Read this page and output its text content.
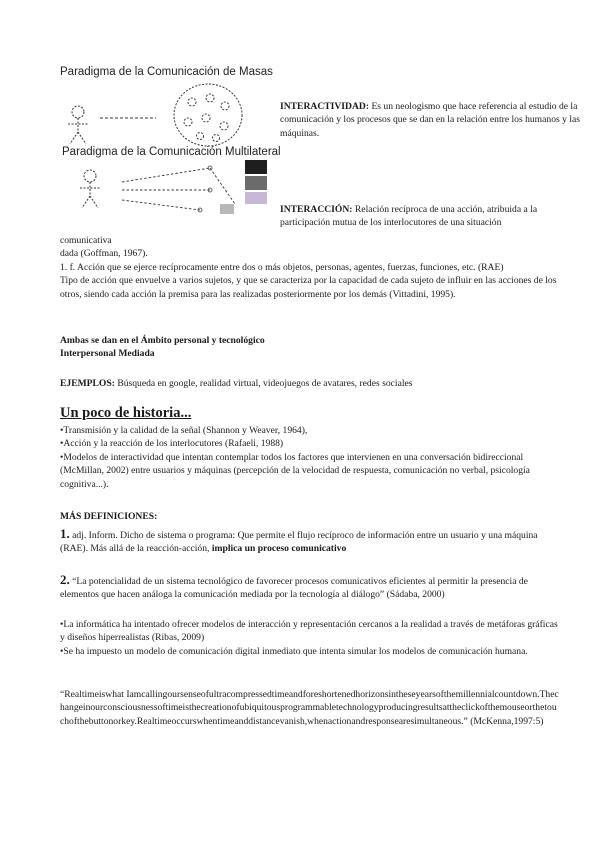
Paradigma de la Comunicación de Masas
Paradigma de la Comunicación Multilateral
INTERACTIVIDAD: Es un neologismo que hace referencia al estudio de la comunicación y los procesos que se dan en la relación entre los humanos y las máquinas.
INTERACCIÓN: Relación recíproca de una acción, atribuida a la participación mutua de los interlocutores de una situación
comunicativa
dada (Goffman, 1967).
1. f. Acción que se ejerce recíprocamente entre dos o más objetos, personas, agentes, fuerzas, funciones, etc. (RAE)
Tipo de acción que envuelve a varios sujetos, y que se caracteriza por la capacidad de cada sujeto de influir en las acciones de los otros, siendo cada acción la premisa para las realizadas posteriormente por los demás (Vittadini, 1995).
Ambas se dan en el Ámbito personal y tecnológico
Interpersonal Mediada
EJEMPLOS: Búsqueda en google, realidad virtual, videojuegos de avatares, redes sociales
Un poco de historia...
•Transmisión y la calidad de la señal (Shannon y Weaver, 1964),
•Acción y la reacción de los interlocutores (Rafaeli, 1988)
•Modelos de interactividad que intentan contemplar todos los factores que intervienen en una conversación bidireccional (McMillan, 2002) entre usuarios y máquinas (percepción de la velocidad de respuesta, comunicación no verbal, psicología cognitiva...).
MÁS DEFINICIONES:
1. adj. Inform. Dicho de sistema o programa: Que permite el flujo recíproco de información entre un usuario y una máquina (RAE). Más allá de la reacción-acción, implica un proceso comunicativo
2. “La potencialidad de un sistema tecnológico de favorecer procesos comunicativos eficientes al permitir la presencia de elementos que hacen análoga la comunicación mediada por la tecnología al diálogo” (Sádaba, 2000)
•La informática ha intentado ofrecer modelos de interacción y representación cercanos a la realidad a través de metáforas gráficas y diseños hiperrealistas (Ribas, 2009)
•Se ha impuesto un modelo de comunicación digital inmediato que intenta simular los modelos de comunicación humana.
“Realtimeiswhat Iamcallingoursenseofultracompressedtimeandforeshortenedhorizonsintheseyearsofthemillennialcountdown.Thechangeinourconsciousnessoftimeisthecreationofubiquitousprogrammabletechnologyproducingresultsattheclickofthemouseorthetouchofthebuttonorkey.Realtimeoccurswhentimeanddistancevanish,whenactionandresponsearesimultaneous.” (McKenna,1997:5)
